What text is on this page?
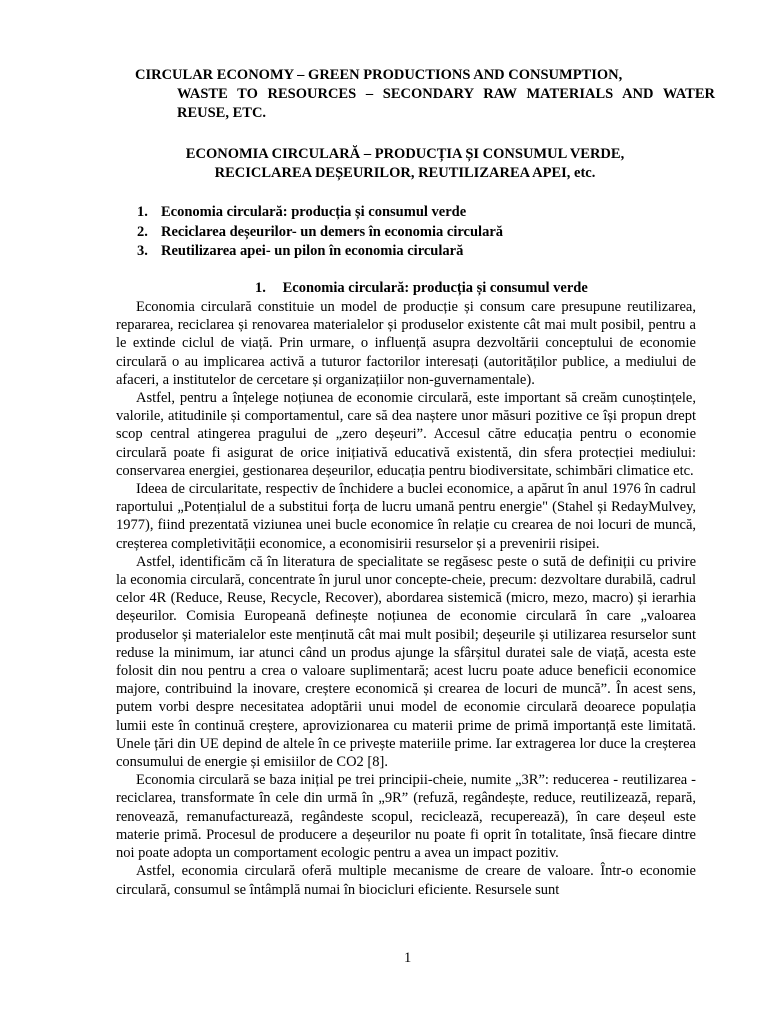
CIRCULAR ECONOMY – GREEN PRODUCTIONS AND CONSUMPTION,
WASTE TO RESOURCES – SECONDARY RAW MATERIALS AND WATER REUSE, ETC.
ECONOMIA CIRCULARĂ – PRODUCȚIA ȘI CONSUMUL VERDE,
RECICLAREA DEȘEURILOR, REUTILIZAREA APEI, etc.
1. Economia circulară: producția și consumul verde
2. Reciclarea deșeurilor- un demers în economia circulară
3. Reutilizarea apei- un pilon în economia circulară
1. Economia circulară: producția și consumul verde

Economia circulară constituie un model de producție și consum care presupune reutilizarea, repararea, reciclarea și renovarea materialelor și produselor existente cât mai mult posibil, pentru a le extinde ciclul de viață. Prin urmare, o influență asupra dezvoltării conceptului de economie circulară o au implicarea activă a tuturor factorilor interesați (autorităților publice, a mediului de afaceri, a institutelor de cercetare și organizațiilor non-guvernamentale).

Astfel, pentru a înțelege noțiunea de economie circulară, este important să creăm cunoștințele, valorile, atitudinile și comportamentul, care să dea naștere unor măsuri pozitive ce își propun drept scop central atingerea pragului de „zero deșeuri”. Accesul către educația pentru o economie circulară poate fi asigurat de orice inițiativă educativă existentă, din sfera protecției mediului: conservarea energiei, gestionarea deșeurilor, educația pentru biodiversitate, schimbări climatice etc.

Ideea de circularitate, respectiv de închidere a buclei economice, a apărut în anul 1976 în cadrul raportului „Potențialul de a substitui forța de lucru umană pentru energie" (Stahel și RedayMulvey, 1977), fiind prezentată viziunea unei bucle economice în relație cu crearea de noi locuri de muncă, creșterea completivității economice, a economisirii resurselor și a prevenirii risipei.

Astfel, identificăm că în literatura de specialitate se regăsesc peste o sută de definiții cu privire la economia circulară, concentrate în jurul unor concepte-cheie, precum: dezvoltare durabilă, cadrul celor 4R (Reduce, Reuse, Recycle, Recover), abordarea sistemică (micro, mezo, macro) și ierarhia deșeurilor. Comisia Europeană definește noțiunea de economie circulară în care „valoarea produselor și materialelor este menținută cât mai mult posibil; deșeurile și utilizarea resurselor sunt reduse la minimum, iar atunci când un produs ajunge la sfârșitul duratei sale de viață, acesta este folosit din nou pentru a crea o valoare suplimentară; acest lucru poate aduce beneficii economice majore, contribuind la inovare, creștere economică și crearea de locuri de muncă”. În acest sens, putem vorbi despre necesitatea adoptării unui model de economie circulară deoarece populația lumii este în continuă creștere, aprovizionarea cu materii prime de primă importanță este limitată. Unele țări din UE depind de altele în ce privește materiile prime. Iar extragerea lor duce la creșterea consumului de energie și emisiilor de CO2 [8].

Economia circulară se baza inițial pe trei principii-cheie, numite „3R”: reducerea - reutilizarea - reciclarea, transformate în cele din urmă în „9R” (refuză, regândește, reduce, reutilizează, repară, renovează, remanufacturează, regândeste scopul, reciclează, recuperează), în care deșeul este materie primă. Procesul de producere a deșeurilor nu poate fi oprit în totalitate, însă fiecare dintre noi poate adopta un comportament ecologic pentru a avea un impact pozitiv.

Astfel, economia circulară oferă multiple mecanisme de creare de valoare. Într-o economie circulară, consumul se întâmplă numai în biocicluri eficiente. Resursele sunt

1
